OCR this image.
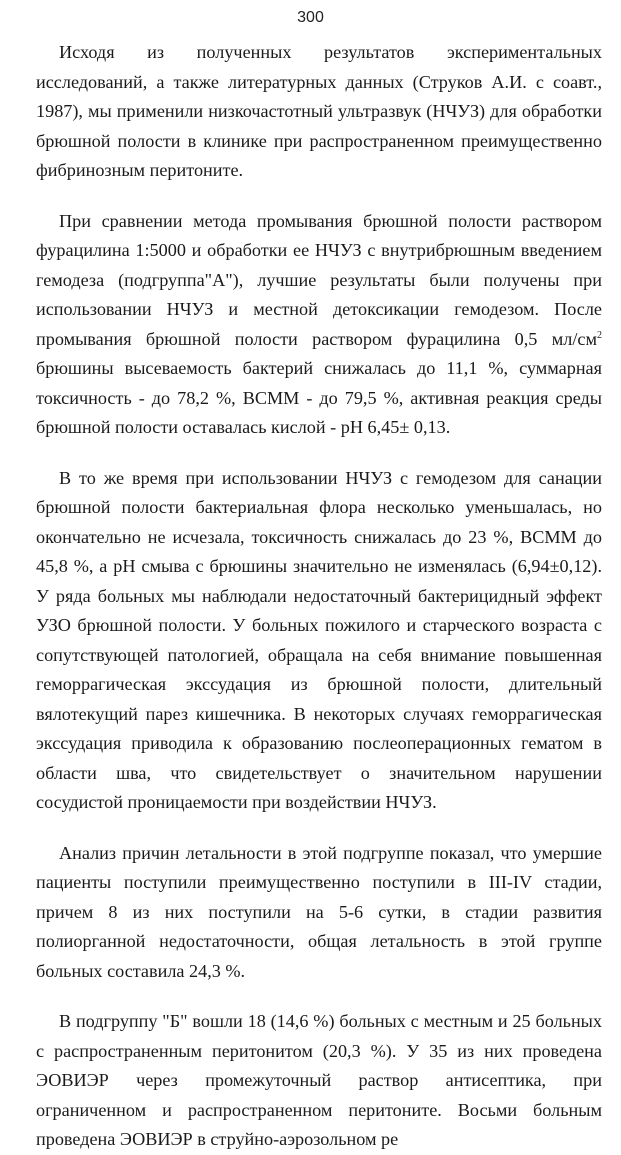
300

Исходя из полученных результатов экспериментальных исследований, а также литературных данных (Струков А.И. с соавт., 1987), мы применили низкочастотный ультразвук (НЧУЗ) для обработки брюшной полости в клинике при распространенном преимущественно фибринозным перитоните.

При сравнении метода промывания брюшной полости раствором фурацилина 1:5000 и обработки ее НЧУЗ с внутрибрюшным введением гемодеза (подгруппа"А"), лучшие результаты были получены при использовании НЧУЗ и местной детоксикации гемодезом. После промывания брюшной полости раствором фурацилина 0,5 $мл/см^2$ брюшины высеваемость бактерий снижалась до 11,1 %, суммарная токсичность - до 78,2 %, ВСММ - до 79,5 %, активная реакция среды брюшной полости оставалась кислой - рН 6,45± 0,13.

В то же время при использовании НЧУЗ с гемодезом для санации брюшной полости бактериальная флора несколько уменьшалась, но окончательно не исчезала, токсичность снижалась до 23 %, ВСММ до 45,8 %, а рН смыва с брюшины значительно не изменялась (6,94±0,12). У ряда больных мы наблюдали недостаточный бактерицидный эффект УЗО брюшной полости. У больных пожилого и старческого возраста с сопутствующей патологией, обращала на себя внимание повышенная геморрагическая экссудация из брюшной полости, длительный вялотекущий парез кишечника. В некоторых случаях геморрагическая экссудация приводила к образованию послеоперационных гематом в области шва, что свидетельствует о значительном нарушении сосудистой проницаемости при воздействии НЧУЗ.

Анализ причин летальности в этой подгруппе показал, что умершие пациенты поступили преимущественно поступили в III-IV стадии, причем 8 из них поступили на 5-6 сутки, в стадии развития полиорганной недостаточности, общая летальность в этой группе больных составила 24,3 %.

В подгруппу "Б" вошли 18 (14,6 %) больных с местным и 25 больных с распространенным перитонитом (20,3 %). У 35 из них проведена ЭОВИЭР через промежуточный раствор антисептика, при ограниченном и распространенном перитоните. Восьми больным проведена ЭОВИЭР в струйно-аэрозольном ре
